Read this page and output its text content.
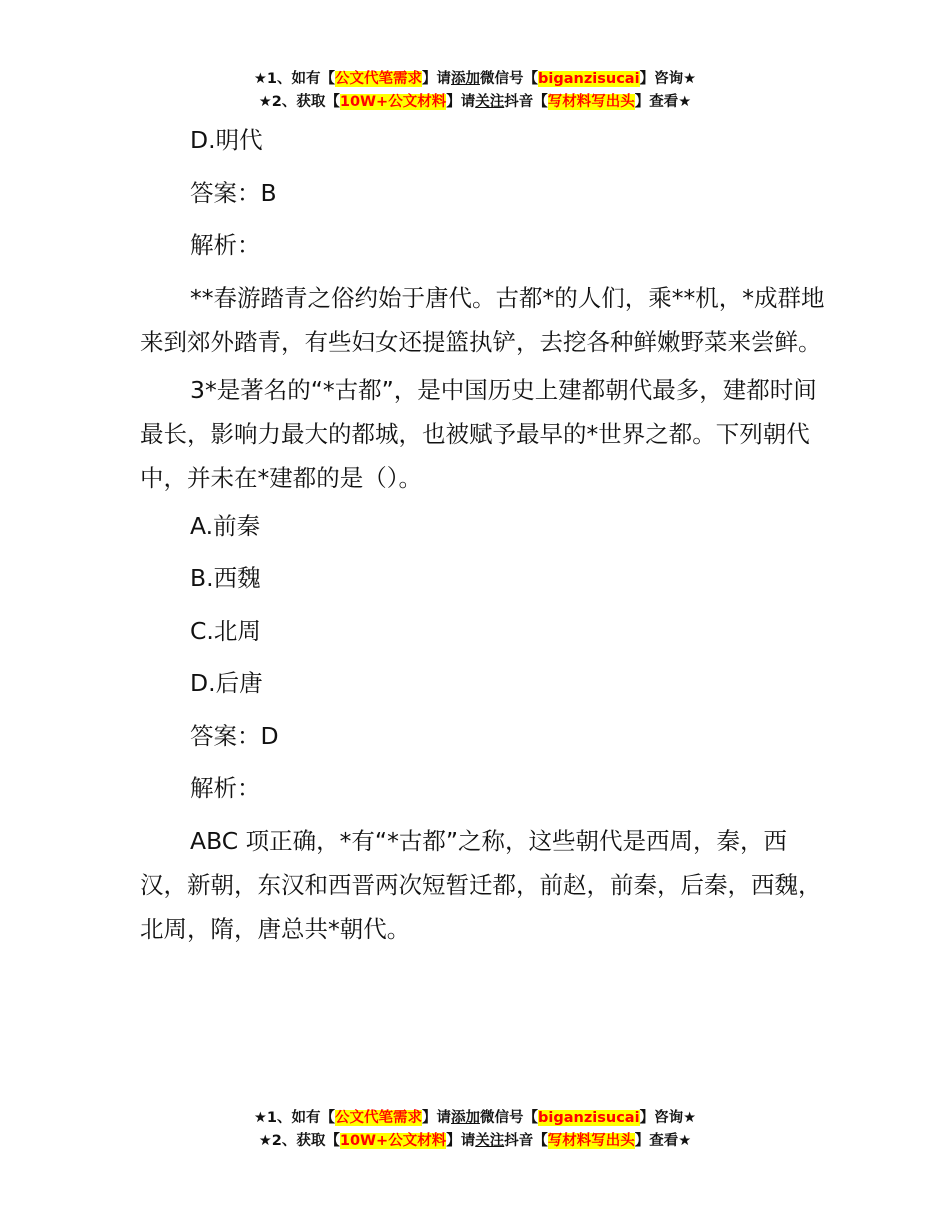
★1、如有【公文代笔需求】请添加微信号【biganzisucai】咨询★
★2、获取【10W+公文材料】请关注抖音【写材料写出头】查看★

D.明代

答案：B

解析：

**春游踏青之俗约始于唐代。古都*的人们，乘**机，*成群地来到郊外踏青，有些妇女还提篮执铲，去挖各种鲜嫩野菜来尝鲜。

3*是著名的“*古都”，是中国历史上建都朝代最多，建都时间最长，影响力最大的都城，也被赋予最早的*世界之都。下列朝代中，并未在*建都的是（）。

A.前秦

B.西魏

C.北周

D.后唐

答案：D

解析：

ABC 项正确，*有“*古都”之称，这些朝代是西周，秦，西汉，新朝，东汉和西晋两次短暂迁都，前赵，前秦，后秦，西魏，北周，隋，唐总共*朝代。

★1、如有【公文代笔需求】请添加微信号【biganzisucai】咨询★
★2、获取【10W+公文材料】请关注抖音【写材料写出头】查看★
